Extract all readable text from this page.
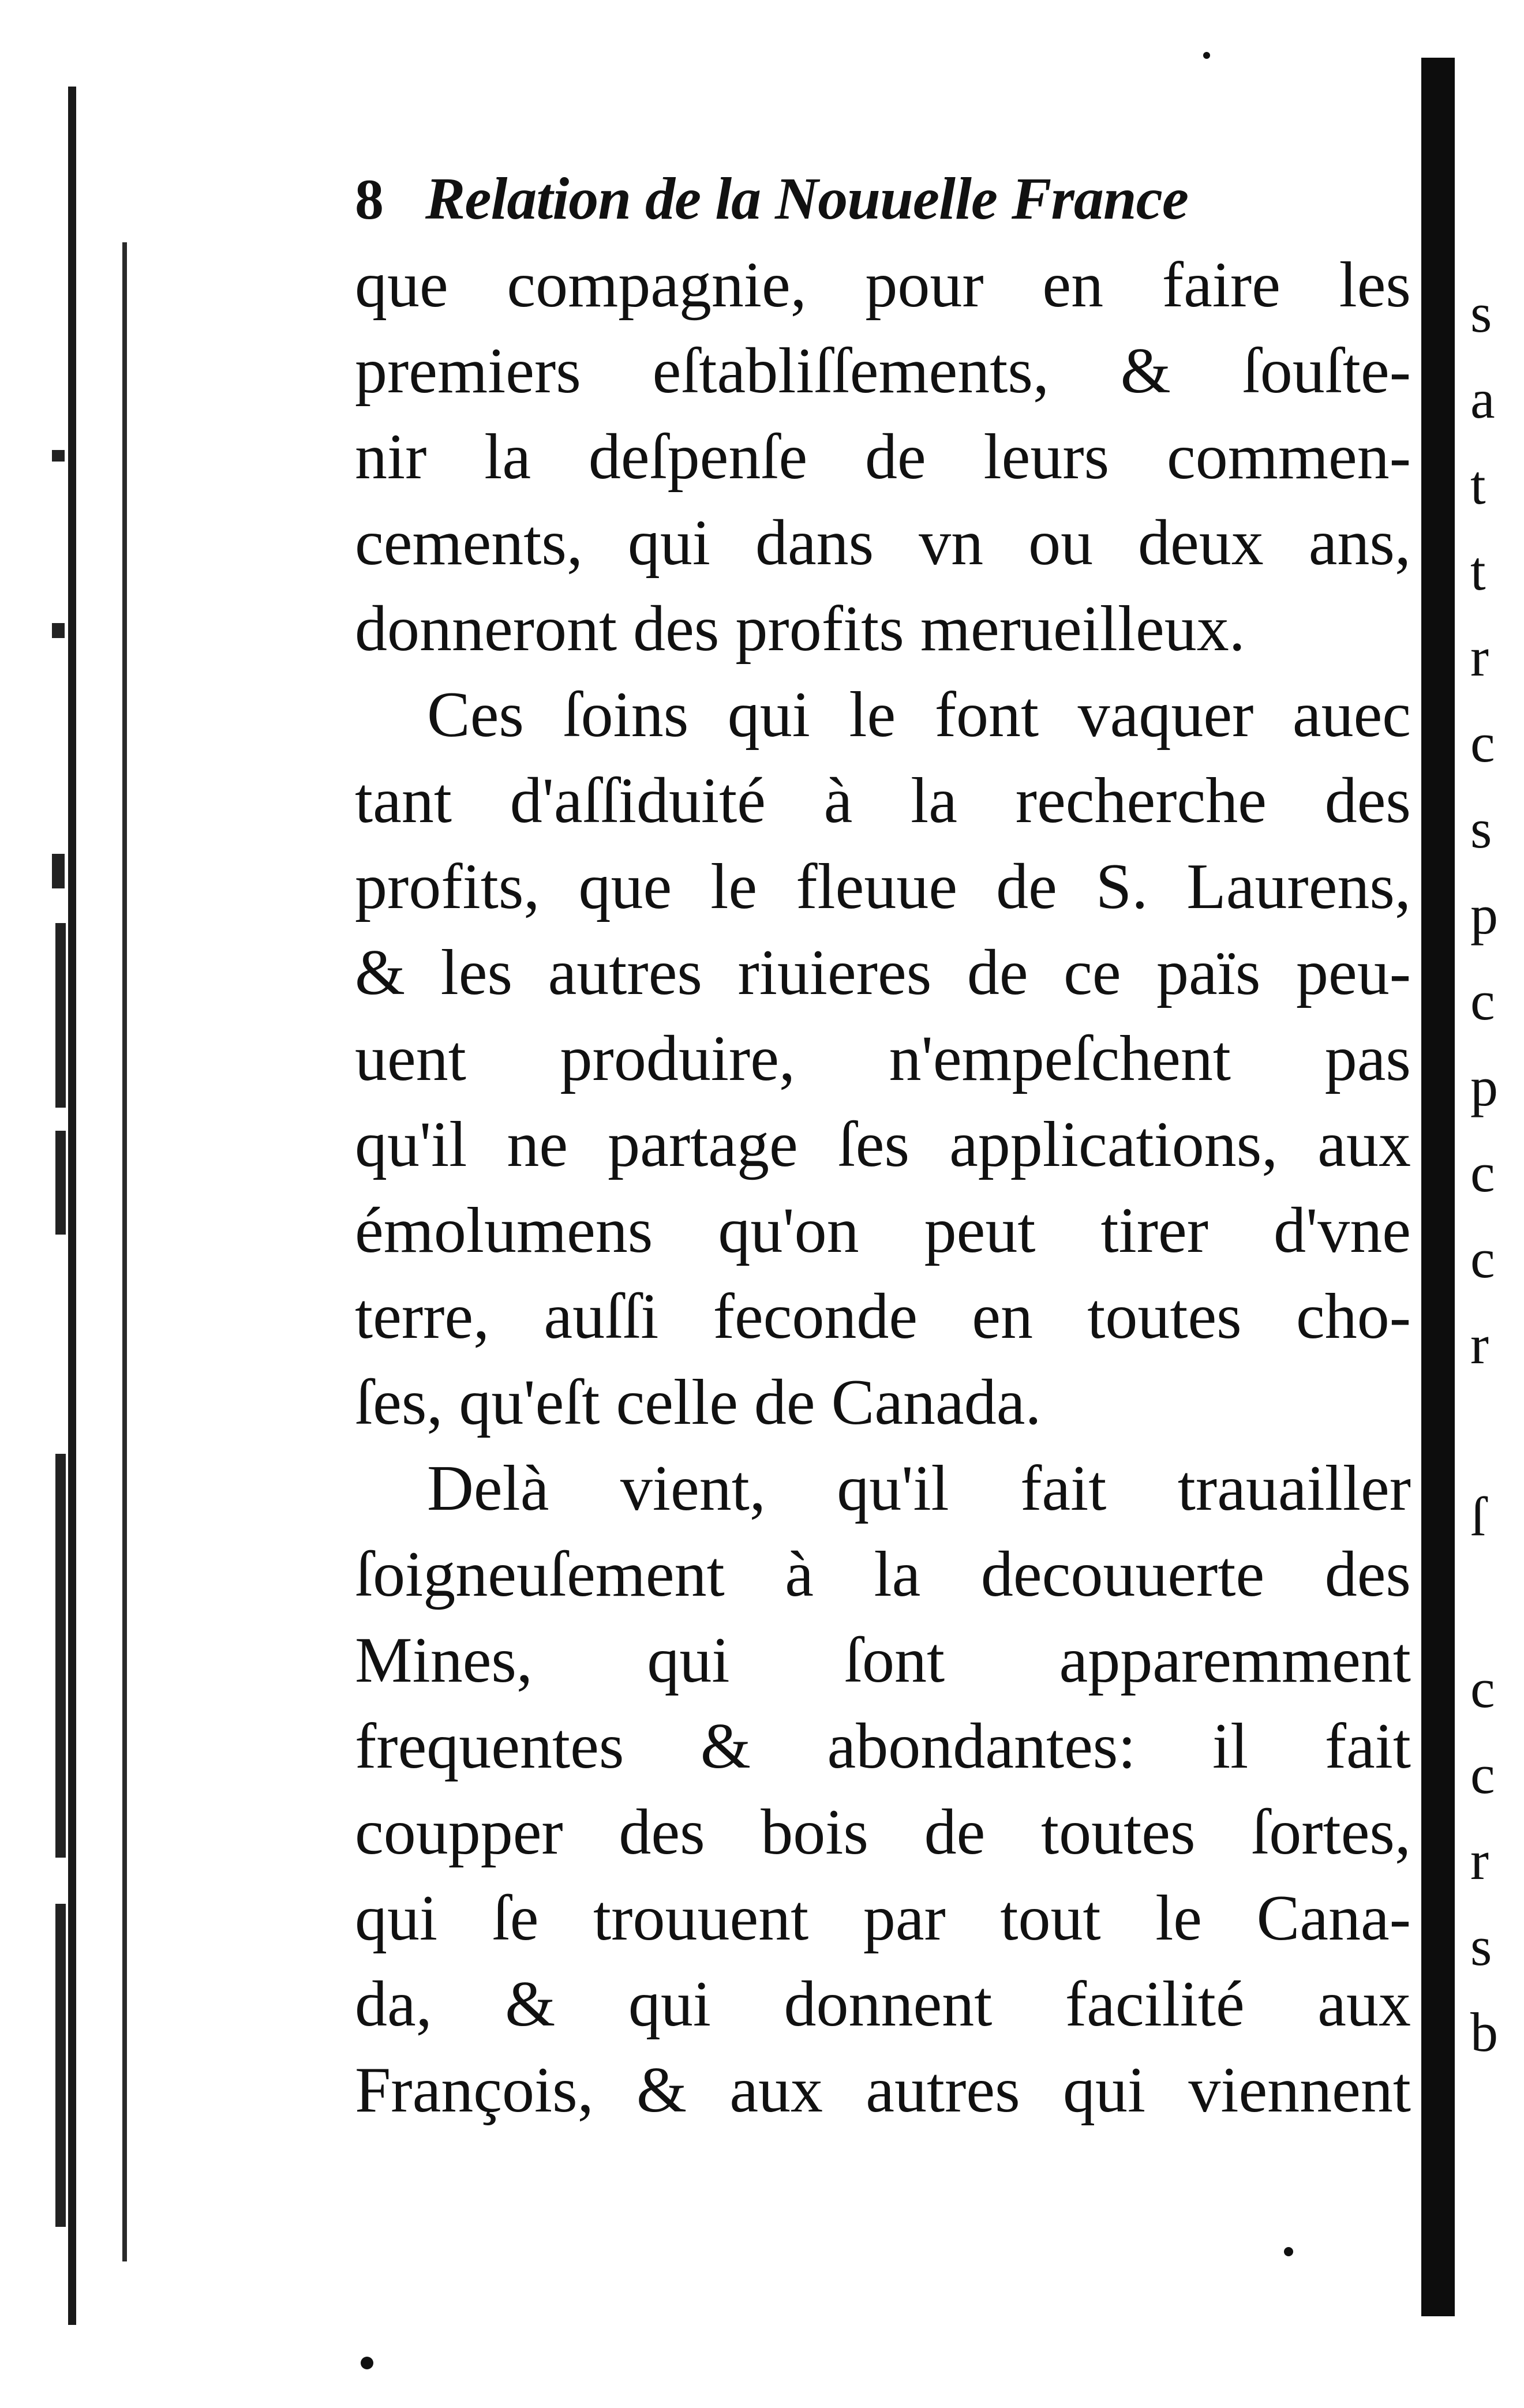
s
a
t
t
r
c
s
p
c
p
c
c
r
ſ
c
c
r
s
b
8 Relation de la Nouuelle France
que compagnie, pour en faire les
premiers eſtabliſſements, & ſouſte-
nir la deſpenſe de leurs commen-
cements, qui dans vn ou deux ans,
donneront des profits merueilleux.
Ces ſoins qui le font vaquer auec
tant d'aſſiduité à la recherche des
profits, que le fleuue de S. Laurens,
& les autres riuieres de ce païs peu-
uent produire, n'empeſchent pas
qu'il ne partage ſes applications, aux
émolumens qu'on peut tirer d'vne
terre, auſſi feconde en toutes cho-
ſes, qu'eſt celle de Canada.
Delà vient, qu'il fait trauailler
ſoigneuſement à la decouuerte des
Mines, qui ſont apparemment
frequentes & abondantes: il fait
coupper des bois de toutes ſortes,
qui ſe trouuent par tout le Cana-
da, & qui donnent facilité aux
François, & aux autres qui viennent
